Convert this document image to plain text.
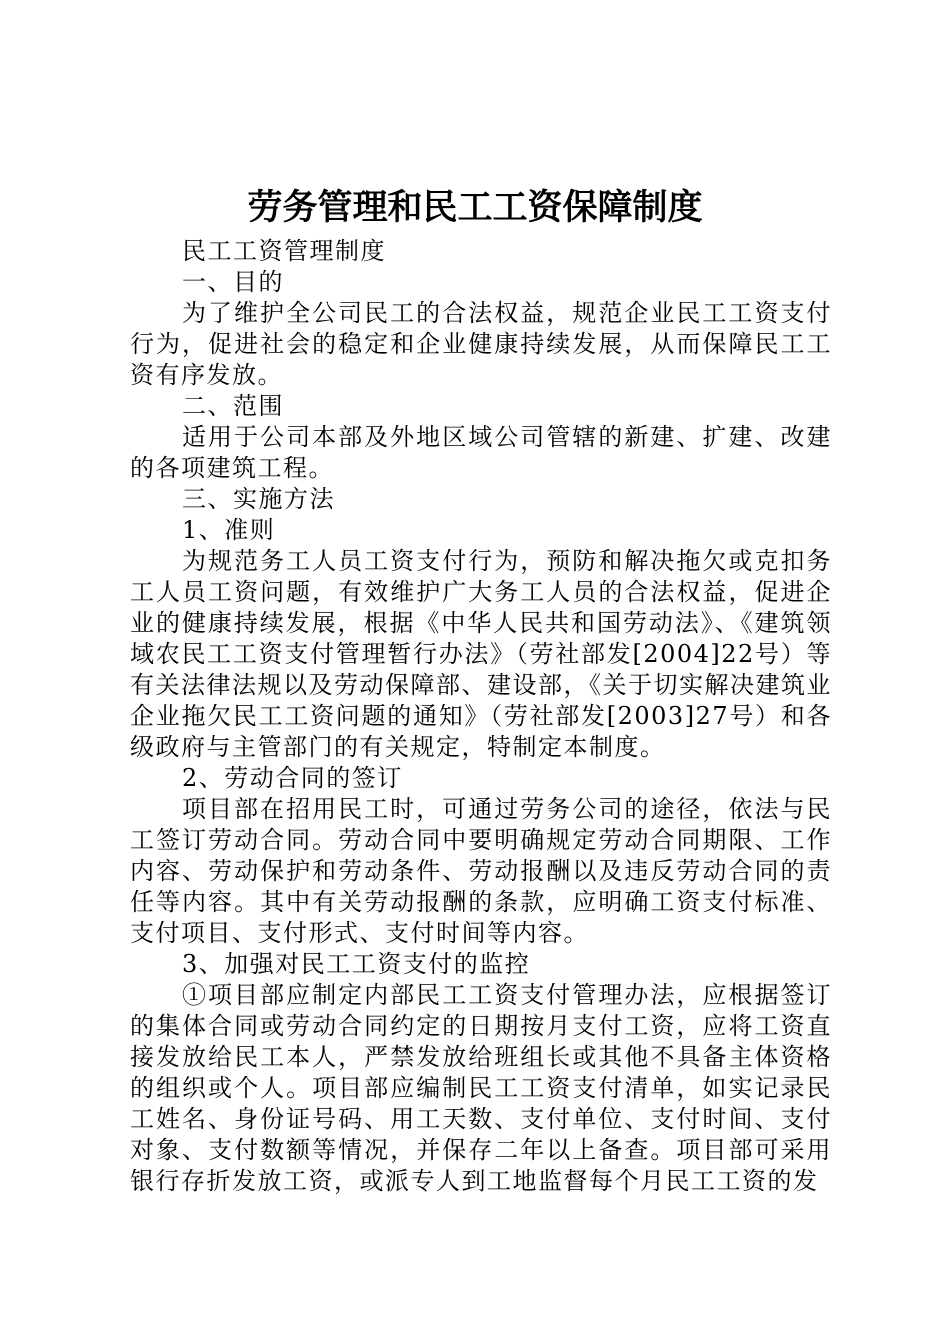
劳务管理和民工工资保障制度

民工工资管理制度

一、目的

为了维护全公司民工的合法权益，规范企业民工工资支付行为，促进社会的稳定和企业健康持续发展，从而保障民工工资有序发放。

二、范围

适用于公司本部及外地区域公司管辖的新建、扩建、改建的各项建筑工程。

三、实施方法

1、准则

为规范务工人员工资支付行为，预防和解决拖欠或克扣务工人员工资问题，有效维护广大务工人员的合法权益，促进企业的健康持续发展，根据《中华人民共和国劳动法》、《建筑领域农民工工资支付管理暂行办法》（劳社部发[2004]22号）等有关法律法规以及劳动保障部、建设部，《关于切实解决建筑业企业拖欠民工工资问题的通知》（劳社部发[2003]27号）和各级政府与主管部门的有关规定，特制定本制度。

2、劳动合同的签订

项目部在招用民工时，可通过劳务公司的途径，依法与民工签订劳动合同。劳动合同中要明确规定劳动合同期限、工作内容、劳动保护和劳动条件、劳动报酬以及违反劳动合同的责任等内容。其中有关劳动报酬的条款，应明确工资支付标准、支付项目、支付形式、支付时间等内容。

3、加强对民工工资支付的监控

①项目部应制定内部民工工资支付管理办法，应根据签订的集体合同或劳动合同约定的日期按月支付工资，应将工资直接发放给民工本人，严禁发放给班组长或其他不具备主体资格的组织或个人。项目部应编制民工工资支付清单，如实记录民工姓名、身份证号码、用工天数、支付单位、支付时间、支付对象、支付数额等情况，并保存二年以上备查。项目部可采用银行存折发放工资，或派专人到工地监督每个月民工工资的发
